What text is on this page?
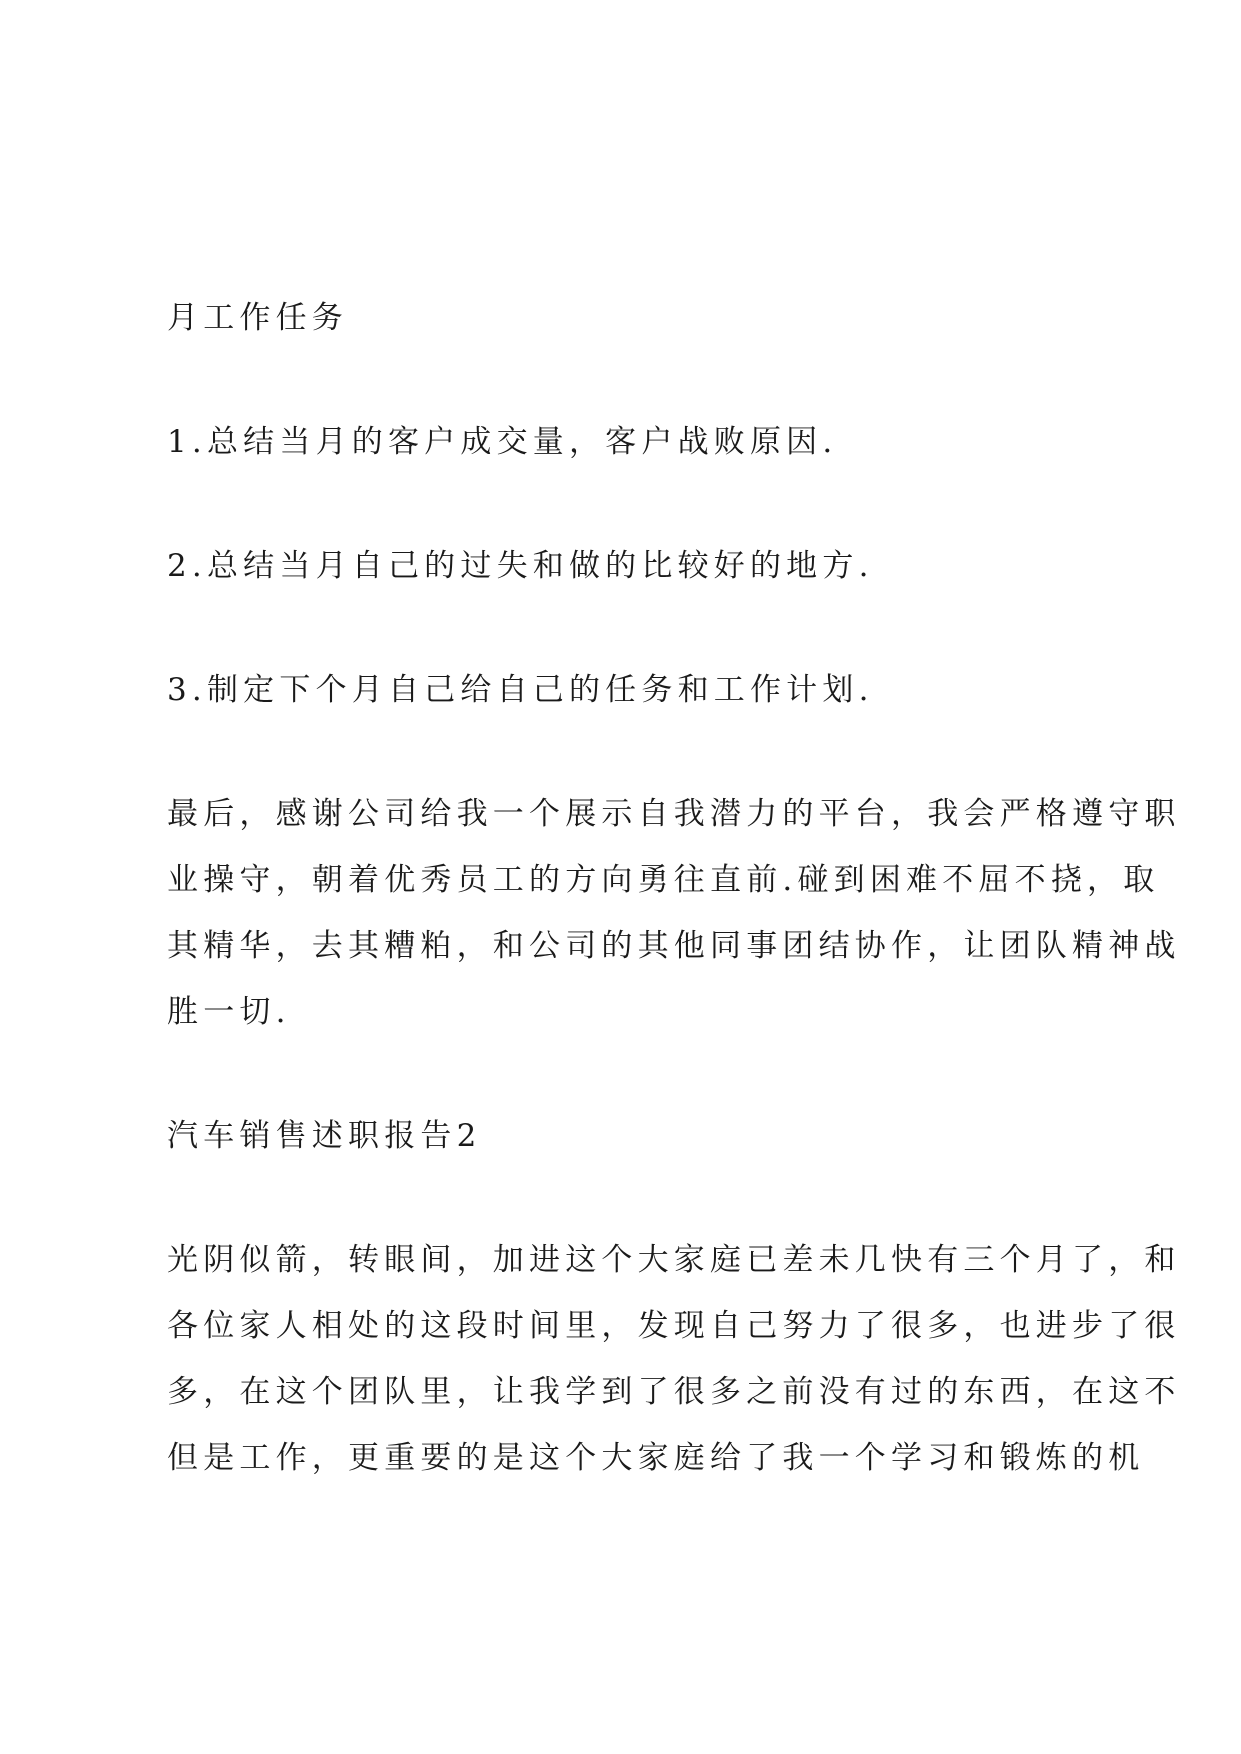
月工作任务

1.总结当月的客户成交量，客户战败原因.

2.总结当月自己的过失和做的比较好的地方.

3.制定下个月自己给自己的任务和工作计划.

最后，感谢公司给我一个展示自我潜力的平台，我会严格遵守职
业操守，朝着优秀员工的方向勇往直前.碰到困难不屈不挠，取
其精华，去其糟粕，和公司的其他同事团结协作，让团队精神战
胜一切.

汽车销售述职报告2

光阴似箭，转眼间，加进这个大家庭已差未几快有三个月了，和
各位家人相处的这段时间里，发现自己努力了很多，也进步了很
多，在这个团队里，让我学到了很多之前没有过的东西，在这不
但是工作，更重要的是这个大家庭给了我一个学习和锻炼的机
